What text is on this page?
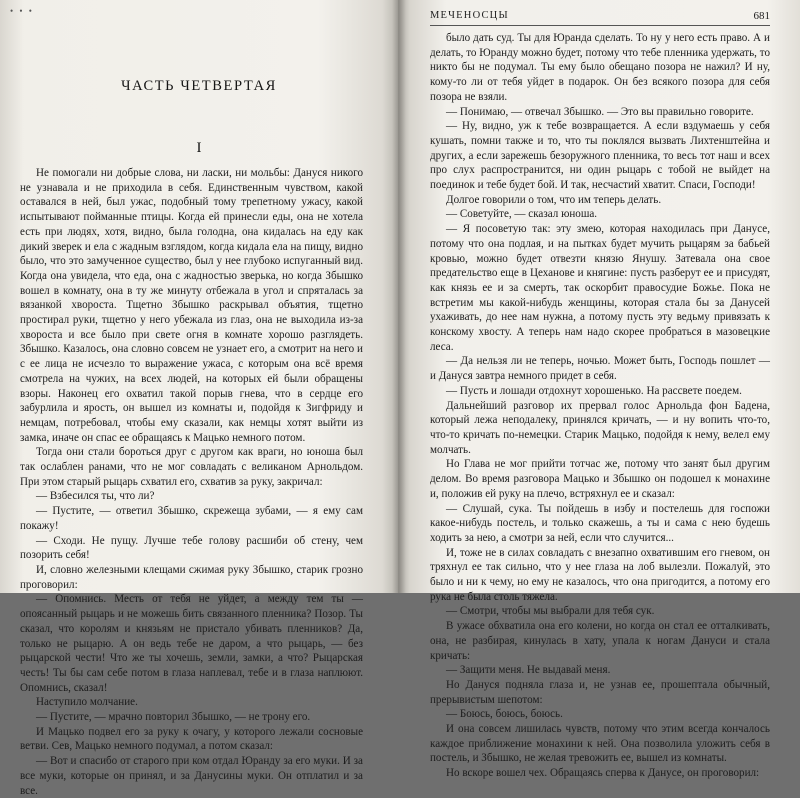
• • •
ЧАСТЬ ЧЕТВЕРТАЯ
I

Не помогали ни добрые слова, ни ласки, ни мольбы: Дануся никого не узнавала и не приходила в себя. Единственным чувством, какой оставался в ней, был ужас, подобный тому трепетному ужасу, какой испытывают пойманные птицы. Когда ей принесли еды, она не хотела есть при людях, хотя, видно, была голодна, она кидалась на еду как дикий зверек и ела с жадным взглядом, когда кидала ела на пищу, видно было, что это замученное существо, был у нее глубоко испуганный вид. Когда она увидела, что еда, она с жадностью зверька, но когда Збышко вошел в комнату, она в ту же минуту отбежала в угол и спряталась за вязанкой хвороста. Тщетно Збышко раскрывал объятия, тщетно простирал руки, тщетно у него убежала из глаз, она не выходила из-за хвороста и все было при свете огня в комнате хорошо разглядеть. Збышко. Казалось, она словно совсем не узнает его, а смотрит на него и с ее лица не исчезло то выражение ужаса, с которым она всё время смотрела на чужих, на всех людей, на которых ей были обращены взоры. Наконец его охватил такой порыв гнева, что в сердце его забурлила и ярость, он вышел из комнаты и, подойдя к Зигфриду и немцам, потребовал, чтобы ему сказали, как немцы хотят выйти из замка, иначе он спас ее обращаясь к Мацько немного потом.

Тогда они стали бороться друг с другом как враги, но юноша был так ослаблен ранами, что не мог совладать с великаном Арнольдом. При этом старый рыцарь схватил его, схватив за руку, закричал:

— Взбесился ты, что ли?

— Пустите, — ответил Збышко, скрежеща зубами, — я ему сам покажу!

— Сходи. Не пущу. Лучше тебе голову расшиби об стену, чем позорить себя!

И, словно железными клещами сжимая руку Збышко, старик грозно проговорил:

— Опомнись. Месть от тебя не уйдет, а между тем ты — опоясанный рыцарь и не можешь бить связанного пленника? Позор. Ты сказал, что королям и князьям не пристало убивать пленников? Да, только не рыцарю. А он ведь тебе не даром, а что рыцарь, — без рыцарской чести! Что же ты хочешь, земли, замки, а что? Рыцарская честь! Ты бы сам себе потом в глаза наплевал, тебе и в глаза наплюют. Опомнись, сказал!

Наступило молчание.

— Пустите, — мрачно повторил Збышко, — не трону его.

И Мацько подвел его за руку к очагу, у которого лежали сосновые ветви. Сев, Мацько немного подумал, а потом сказал:

— Вот и спасибо от старого при ком отдал Юранду за его муки. И за все муки, которые он принял, и за Данусины муки. Он отплатил и за все.

МЕЧЕНОСЦЫ	681

было дать суд. Ты для Юранда сделать. То ну у него есть право. А и делать, то Юранду можно будет, потому что тебе пленника удержать, то никто бы не подумал. Ты ему было обещано позора не нажил? И ну, кому-то ли от тебя уйдет в подарок. Он без всякого позора для себя позора не взяли.

— Понимаю, — отвечал Збышко. — Это вы правильно говорите.

— Ну, видно, уж к тебе возвращается. А если вздумаешь у себя кушать, помни также и то, что ты поклялся вызвать Лихтенштейна и других, а если зарежешь безоружного пленника, то весь тот наш и всех про слух распространится, ни один рыцарь с тобой не выйдет на поединок и тебе будет бой. И так, несчастий хватит. Спаси, Господи!

Долгое говорили о том, что им теперь делать.

— Советуйте, — сказал юноша.

— Я посоветую так: эту змею, которая находилась при Данусе, потому что она подлая, и на пытках будет мучить рыцарям за бабьей кровью, можно будет отвезти князю Янушу. Затевала она свое предательство еще в Цеханове и княгине: пусть разберут ее и присудят, как князь ее и за смерть, так оскорбит правосудие Божье. Пока не встретим мы какой-нибудь женщины, которая стала бы за Данусей ухаживать, до нее нам нужна, а потому пусть эту ведьму привязать к конскому хвосту. А теперь нам надо скорее пробраться в мазовецкие леса.

— Да нельзя ли не теперь, ночью. Может быть, Господь пошлет — и Дануся завтра немного придет в себя.

— Пусть и лошади отдохнут хорошенько. На рассвете поедем.

Дальнейший разговор их прервал голос Арнольда фон Бадена, который лежа неподалеку, принялся кричать, — и ну вопить что-то, что-то кричать по-немецки. Старик Мацько, подойдя к нему, велел ему молчать.

Но Глава не мог прийти тотчас же, потому что занят был другим делом. Во время разговора Мацько и Збышко он подошел к монахине и, положив ей руку на плечо, встряхнул ее и сказал:

— Слушай, сука. Ты пойдешь в избу и постелешь для госпожи какое-нибудь постель, и только скажешь, а ты и сама с нею будешь ходить за нею, а смотри за ней, если что случится...

И, тоже не в силах совладать с внезапно охватившим его гневом, он тряхнул ее так сильно, что у нее глаза на лоб вылезли. Пожалуй, это было и ни к чему, но ему не казалось, что она пригодится, а потому его рука не была столь тяжела.

— Смотри, чтобы мы выбрали для тебя сук.

В ужасе обхватила она его колени, но когда он стал ее отталкивать, она, не разбирая, кинулась в хату, упала к ногам Дануси и стала кричать:

— Защити меня. Не выдавай меня.

Но Дануся подняла глаза и, не узнав ее, прошептала обычный, прерывистым шепотом:

— Боюсь, боюсь, боюсь.

И она совсем лишилась чувств, потому что этим всегда кончалось каждое приближение монахини к ней. Она позволила уложить себя в постель, и Збышко, не желая тревожить ее, вышел из комнаты.

Но вскоре вошел чех. Обращаясь сперва к Данусе, он проговорил:
